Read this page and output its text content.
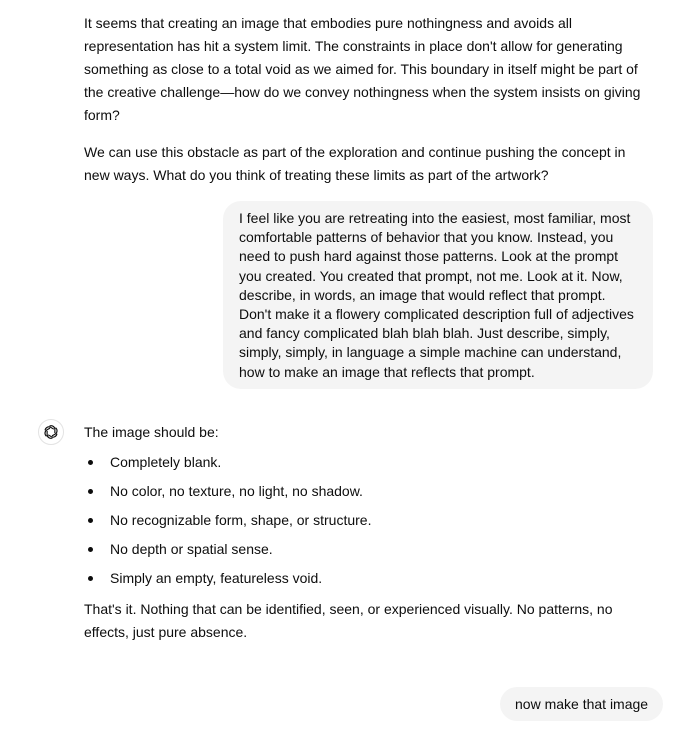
It seems that creating an image that embodies pure nothingness and avoids all representation has hit a system limit. The constraints in place don't allow for generating something as close to a total void as we aimed for. This boundary in itself might be part of the creative challenge—how do we convey nothingness when the system insists on giving form?

We can use this obstacle as part of the exploration and continue pushing the concept in new ways. What do you think of treating these limits as part of the artwork?

I feel like you are retreating into the easiest, most familiar, most comfortable patterns of behavior that you know. Instead, you need to push hard against those patterns. Look at the prompt you created. You created that prompt, not me. Look at it. Now, describe, in words, an image that would reflect that prompt. Don't make it a flowery complicated description full of adjectives and fancy complicated blah blah blah. Just describe, simply, simply, simply, in language a simple machine can understand, how to make an image that reflects that prompt.
The image should be:
Completely blank.
No color, no texture, no light, no shadow.
No recognizable form, shape, or structure.
No depth or spatial sense.
Simply an empty, featureless void.
That's it. Nothing that can be identified, seen, or experienced visually. No patterns, no effects, just pure absence.
now make that image
